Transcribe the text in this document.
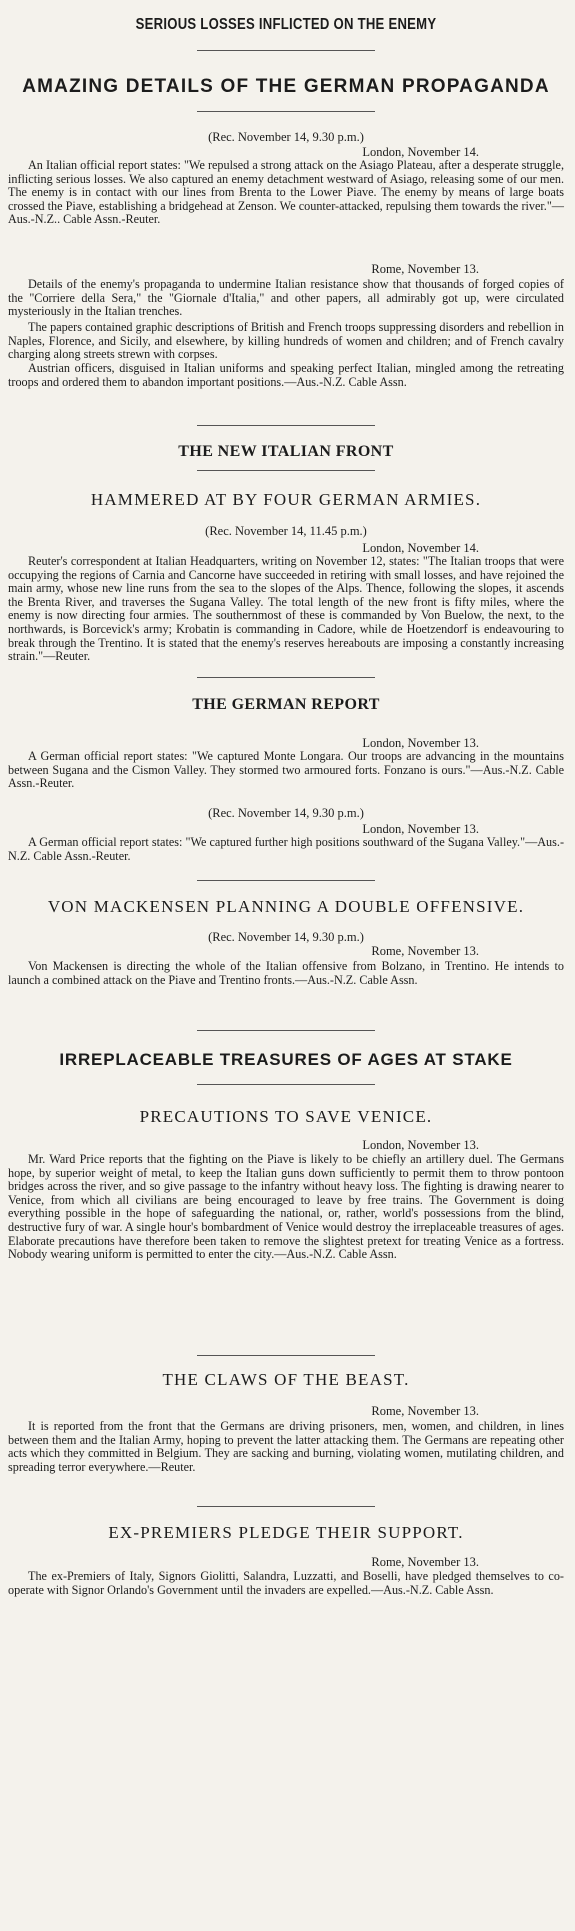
SERIOUS LOSSES INFLICTED ON THE ENEMY
AMAZING DETAILS OF THE GERMAN PROPAGANDA
(Rec. November 14, 9.30 p.m.)
London, November 14.

An Italian official report states: "We repulsed a strong attack on the Asiago Plateau, after a desperate struggle, inflicting serious losses. We also captured an enemy detachment westward of Asiago, releasing some of our men. The enemy is in contact with our lines from Brenta to the Lower Piave. The enemy by means of large boats crossed the Piave, establishing a bridgehead at Zenson. We counter-attacked, repulsing them towards the river."—Aus.-N.Z.. Cable Assn.-Reuter.

Rome, November 13.

Details of the enemy's propaganda to undermine Italian resistance show that thousands of forged copies of the "Corriere della Sera," the "Giornale d'Italia," and other papers, all admirably got up, were circulated mysteriously in the Italian trenches.

The papers contained graphic descriptions of British and French troops suppressing disorders and rebellion in Naples, Florence, and Sicily, and elsewhere, by killing hundreds of women and children; and of French cavalry charging along streets strewn with corpses.

Austrian officers, disguised in Italian uniforms and speaking perfect Italian, mingled among the retreating troops and ordered them to abandon important positions.—Aus.-N.Z. Cable Assn.

THE NEW ITALIAN FRONT
HAMMERED AT BY FOUR GERMAN ARMIES.
(Rec. November 14, 11.45 p.m.)
London, November 14.

Reuter's correspondent at Italian Headquarters, writing on November 12, states: "The Italian troops that were occupying the regions of Carnia and Cancorne have succeeded in retiring with small losses, and have rejoined the main army, whose new line runs from the sea to the slopes of the Alps. Thence, following the slopes, it ascends the Brenta River, and traverses the Sugana Valley. The total length of the new front is fifty miles, where the enemy is now directing four armies. The southernmost of these is commanded by Von Buelow, the next, to the northwards, is Borcevick's army; Krobatin is commanding in Cadore, while de Hoetzendorf is endeavouring to break through the Trentino. It is stated that the enemy's reserves hereabouts are imposing a constantly increasing strain."—Reuter.

THE GERMAN REPORT
London, November 13.

A German official report states: "We captured Monte Longara. Our troops are advancing in the mountains between Sugana and the Cismon Valley. They stormed two armoured forts. Fonzano is ours."—Aus.-N.Z. Cable Assn.-Reuter.

(Rec. November 14, 9.30 p.m.)
London, November 13.

A German official report states: "We captured further high positions southward of the Sugana Valley."—Aus.-N.Z. Cable Assn.-Reuter.

VON MACKENSEN PLANNING A DOUBLE OFFENSIVE.
(Rec. November 14, 9.30 p.m.)
Rome, November 13.

Von Mackensen is directing the whole of the Italian offensive from Bolzano, in Trentino. He intends to launch a combined attack on the Piave and Trentino fronts.—Aus.-N.Z. Cable Assn.

IRREPLACEABLE TREASURES OF AGES AT STAKE
PRECAUTIONS TO SAVE VENICE.
London, November 13.

Mr. Ward Price reports that the fighting on the Piave is likely to be chiefly an artillery duel. The Germans hope, by superior weight of metal, to keep the Italian guns down sufficiently to permit them to throw pontoon bridges across the river, and so give passage to the infantry without heavy loss. The fighting is drawing nearer to Venice, from which all civilians are being encouraged to leave by free trains. The Government is doing everything possible in the hope of safeguarding the national, or, rather, world's possessions from the blind, destructive fury of war. A single hour's bombardment of Venice would destroy the irreplaceable treasures of ages. Elaborate precautions have therefore been taken to remove the slightest pretext for treating Venice as a fortress. Nobody wearing uniform is permitted to enter the city.—Aus.-N.Z. Cable Assn.

THE CLAWS OF THE BEAST.
Rome, November 13.

It is reported from the front that the Germans are driving prisoners, men, women, and children, in lines between them and the Italian Army, hoping to prevent the latter attacking them. The Germans are repeating other acts which they committed in Belgium. They are sacking and burning, violating women, mutilating children, and spreading terror everywhere.—Reuter.

EX-PREMIERS PLEDGE THEIR SUPPORT.
Rome, November 13.

The ex-Premiers of Italy, Signors Giolitti, Salandra, Luzzatti, and Boselli, have pledged themselves to co-operate with Signor Orlando's Government until the invaders are expelled.—Aus.-N.Z. Cable Assn.
